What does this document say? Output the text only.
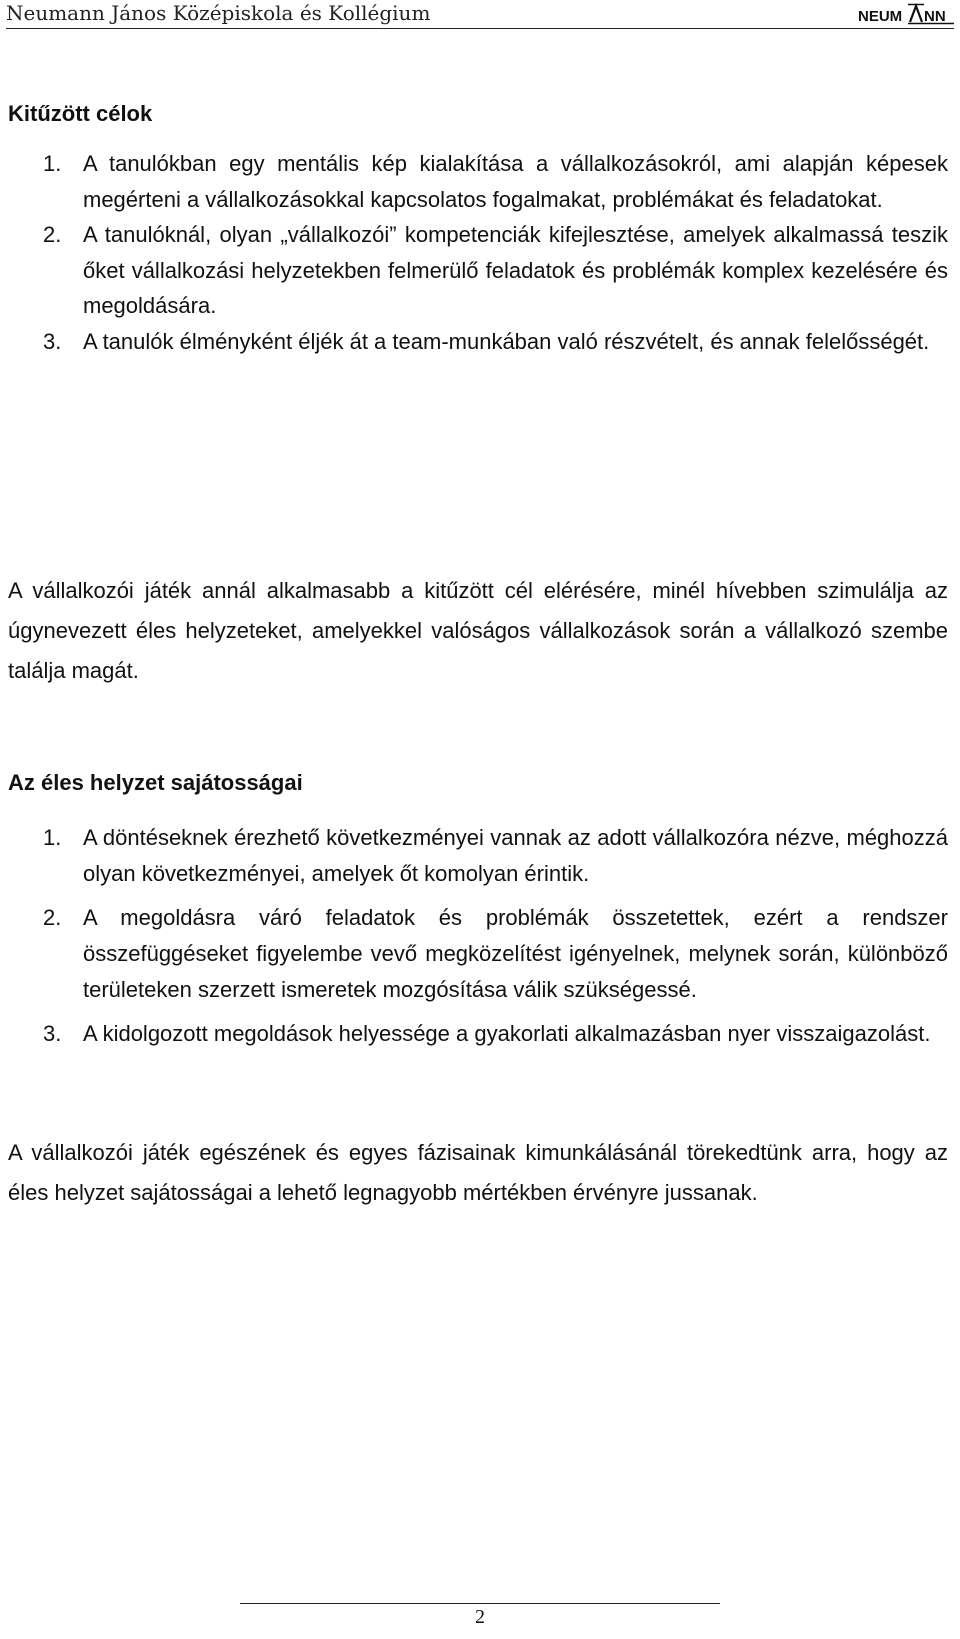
Neumann János Középiskola és Kollégium	NEUM NN
Kitűzött célok
1. A tanulókban egy mentális kép kialakítása a vállalkozásokról, ami alapján képesek megérteni a vállalkozásokkal kapcsolatos fogalmakat, problémákat és feladatokat.
2. A tanulóknál, olyan „vállalkozói” kompetenciák kifejlesztése, amelyek alkalmassá teszik őket vállalkozási helyzetekben felmerülő feladatok és problémák komplex kezelésére és megoldására.
3. A tanulók élményként éljék át a team-munkában való részvételt, és annak felelősségét.

A vállalkozói játék annál alkalmasabb a kitűzött cél elérésére, minél hívebben szimulálja az úgynevezett éles helyzeteket, amelyekkel valóságos vállalkozások során a vállalkozó szembe találja magát.

Az éles helyzet sajátosságai
1. A döntéseknek érezhető következményei vannak az adott vállalkozóra nézve, méghozzá olyan következményei, amelyek őt komolyan érintik.
2. A megoldásra váró feladatok és problémák összetettek, ezért a rendszer összefüggéseket figyelembe vevő megközelítést igényelnek, melynek során, különböző területeken szerzett ismeretek mozgósítása válik szükségessé.
3. A kidolgozott megoldások helyessége a gyakorlati alkalmazásban nyer visszaigazolást.

A vállalkozói játék egészének és egyes fázisainak kimunkálásánál törekedtünk arra, hogy az éles helyzet sajátosságai a lehető legnagyobb mértékben érvényre jussanak.

2
